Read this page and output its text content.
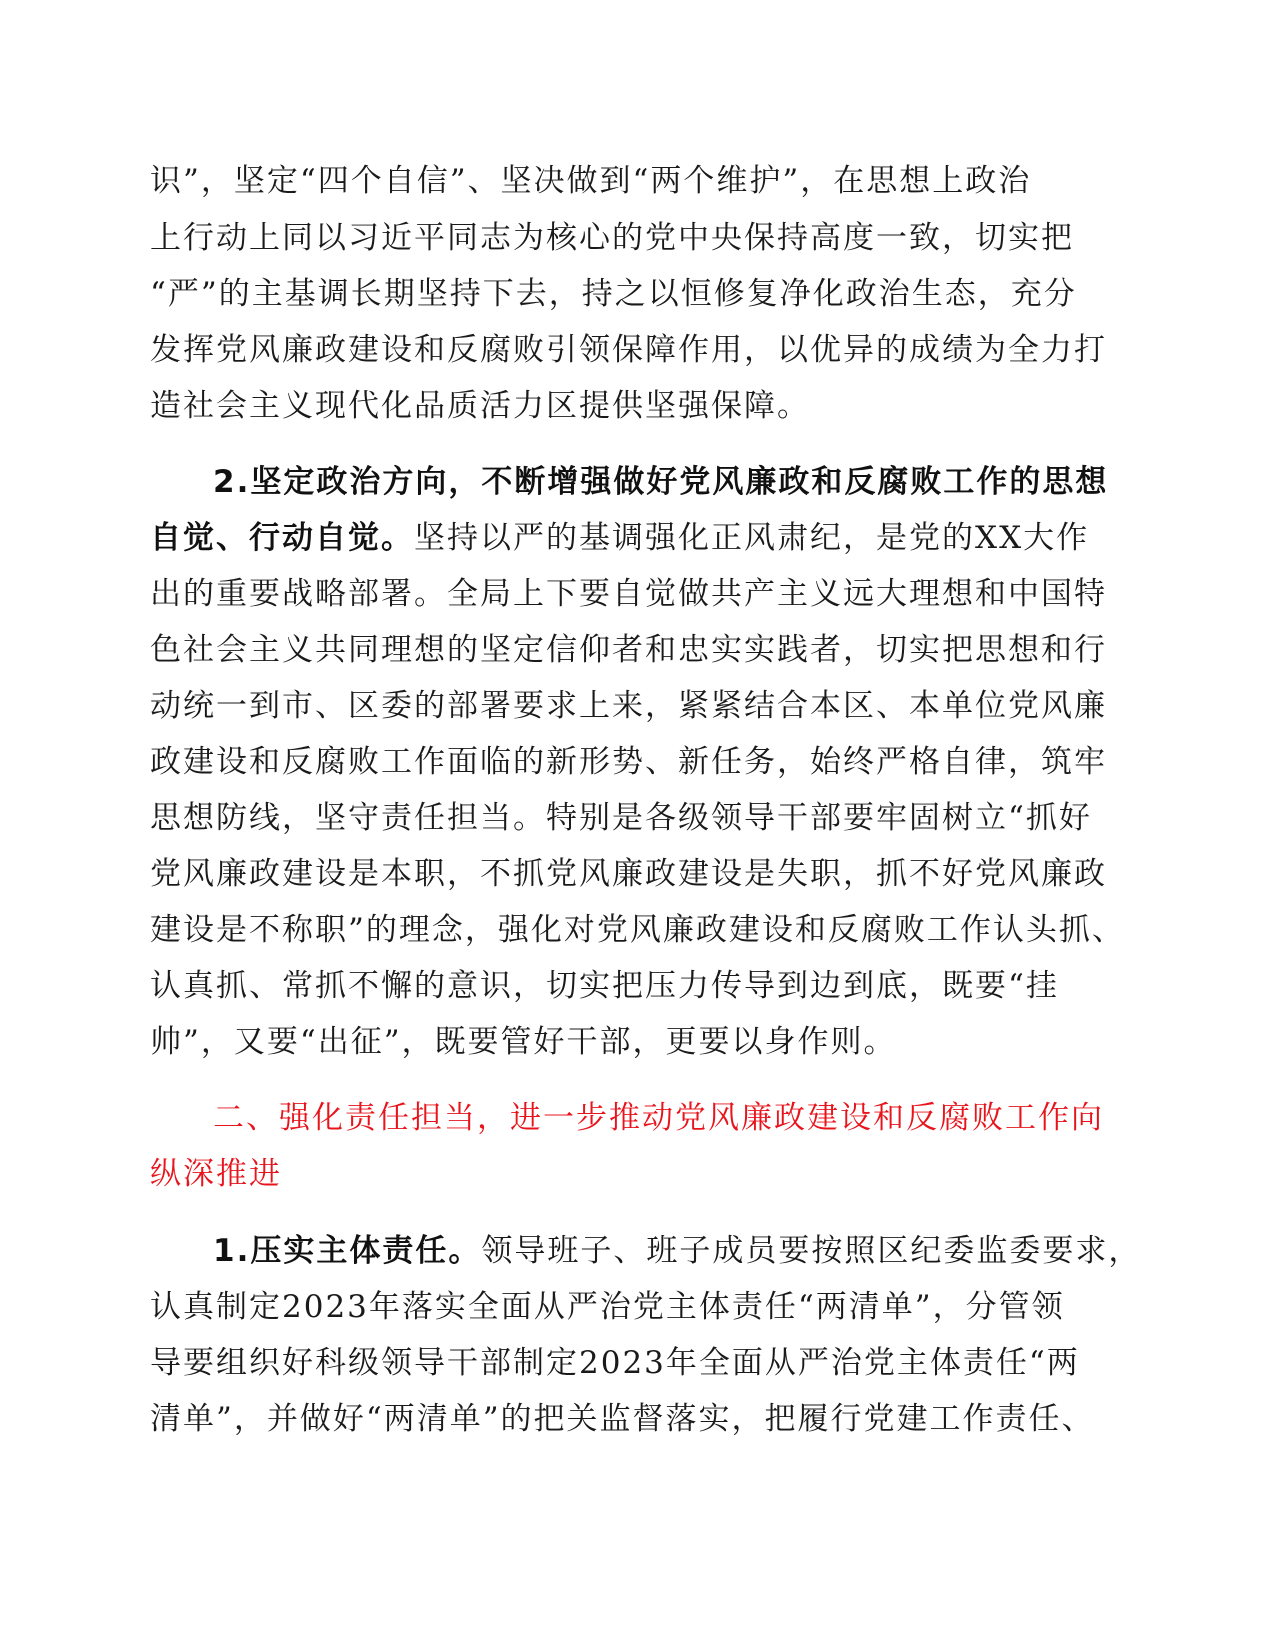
识”，坚定“四个自信”、坚决做到“两个维护”，在思想上政治
上行动上同以习近平同志为核心的党中央保持高度一致，切实把
“严”的主基调长期坚持下去，持之以恒修复净化政治生态，充分
发挥党风廉政建设和反腐败引领保障作用，以优异的成绩为全力打
造社会主义现代化品质活力区提供坚强保障。
2.坚定政治方向，不断增强做好党风廉政和反腐败工作的思想
自觉、行动自觉。坚持以严的基调强化正风肃纪，是党的XX大作
出的重要战略部署。全局上下要自觉做共产主义远大理想和中国特
色社会主义共同理想的坚定信仰者和忠实实践者，切实把思想和行
动统一到市、区委的部署要求上来，紧紧结合本区、本单位党风廉
政建设和反腐败工作面临的新形势、新任务，始终严格自律，筑牢
思想防线，坚守责任担当。特别是各级领导干部要牢固树立“抓好
党风廉政建设是本职，不抓党风廉政建设是失职，抓不好党风廉政
建设是不称职”的理念，强化对党风廉政建设和反腐败工作认头抓、
认真抓、常抓不懈的意识，切实把压力传导到边到底，既要“挂
帅”，又要“出征”，既要管好干部，更要以身作则。
二、强化责任担当，进一步推动党风廉政建设和反腐败工作向
纵深推进
1.压实主体责任。领导班子、班子成员要按照区纪委监委要求，
认真制定2023年落实全面从严治党主体责任“两清单”，分管领
导要组织好科级领导干部制定2023年全面从严治党主体责任“两
清单”，并做好“两清单”的把关监督落实，把履行党建工作责任、
